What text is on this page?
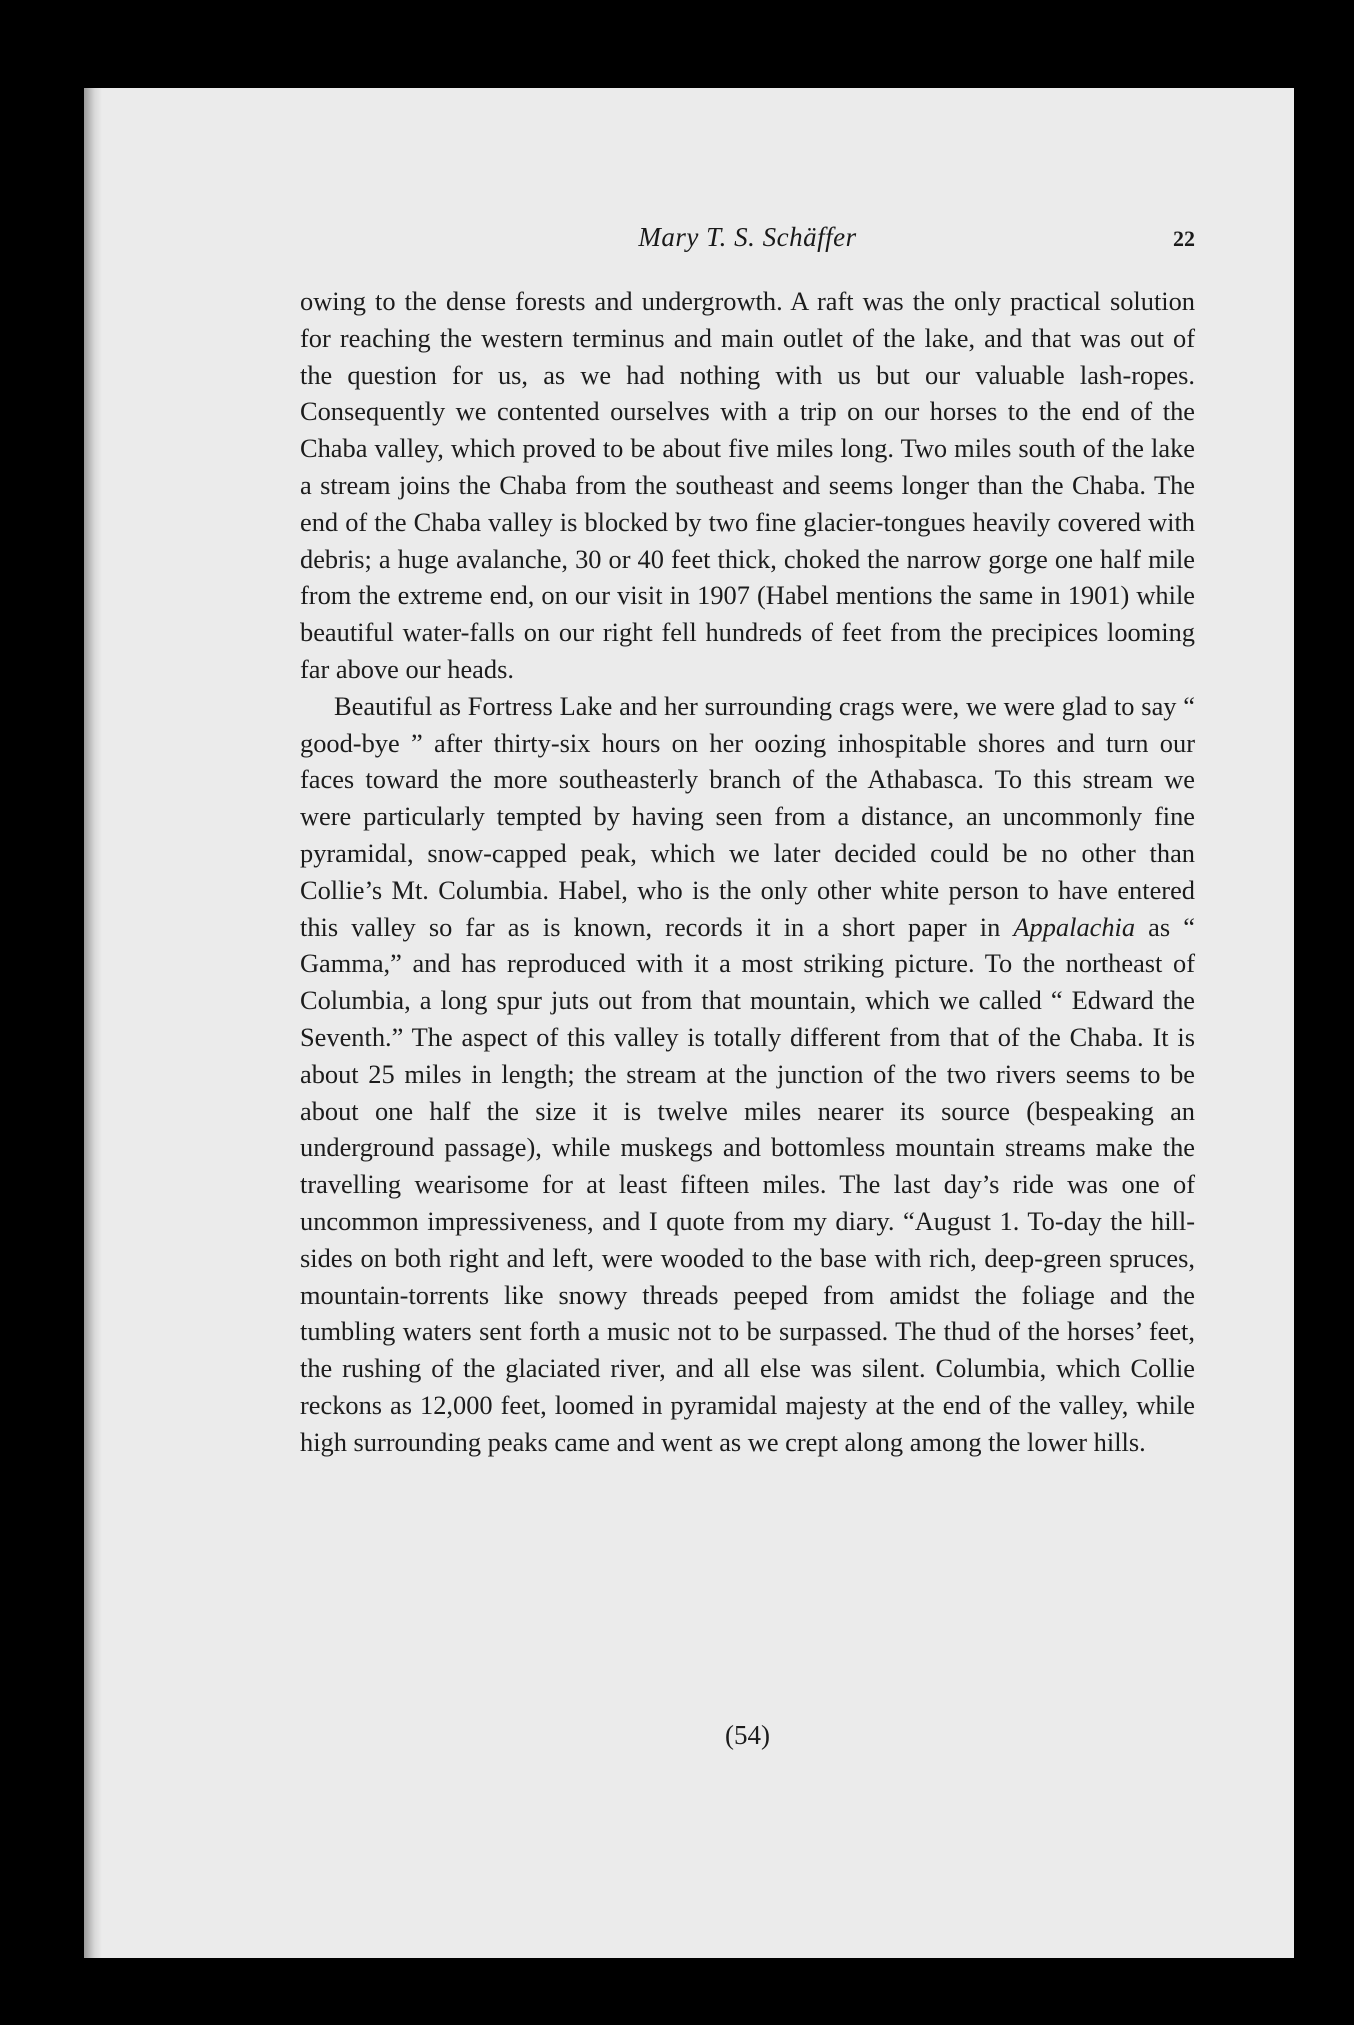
Mary T. S. Schäffer	22

owing to the dense forests and undergrowth. A raft was the only practical solution for reaching the western terminus and main outlet of the lake, and that was out of the question for us, as we had nothing with us but our valuable lash-ropes. Consequently we contented ourselves with a trip on our horses to the end of the Chaba valley, which proved to be about five miles long. Two miles south of the lake a stream joins the Chaba from the southeast and seems longer than the Chaba. The end of the Chaba valley is blocked by two fine glacier-tongues heavily covered with debris; a huge avalanche, 30 or 40 feet thick, choked the narrow gorge one half mile from the extreme end, on our visit in 1907 (Habel mentions the same in 1901) while beautiful water-falls on our right fell hundreds of feet from the precipices looming far above our heads.

Beautiful as Fortress Lake and her surrounding crags were, we were glad to say “ good-bye ” after thirty-six hours on her oozing inhospitable shores and turn our faces toward the more southeasterly branch of the Athabasca. To this stream we were particularly tempted by having seen from a distance, an uncommonly fine pyramidal, snow-capped peak, which we later decided could be no other than Collie’s Mt. Columbia. Habel, who is the only other white person to have entered this valley so far as is known, records it in a short paper in Appalachia as “ Gamma,” and has reproduced with it a most striking picture. To the northeast of Columbia, a long spur juts out from that mountain, which we called “ Edward the Seventh.” The aspect of this valley is totally different from that of the Chaba. It is about 25 miles in length; the stream at the junction of the two rivers seems to be about one half the size it is twelve miles nearer its source (bespeaking an underground passage), while muskegs and bottomless mountain streams make the travelling wearisome for at least fifteen miles. The last day’s ride was one of uncommon impressiveness, and I quote from my diary. “August 1. To-day the hill-sides on both right and left, were wooded to the base with rich, deep-green spruces, mountain-torrents like snowy threads peeped from amidst the foliage and the tumbling waters sent forth a music not to be surpassed. The thud of the horses’ feet, the rushing of the glaciated river, and all else was silent. Columbia, which Collie reckons as 12,000 feet, loomed in pyramidal majesty at the end of the valley, while high surrounding peaks came and went as we crept along among the lower hills.

(54)
